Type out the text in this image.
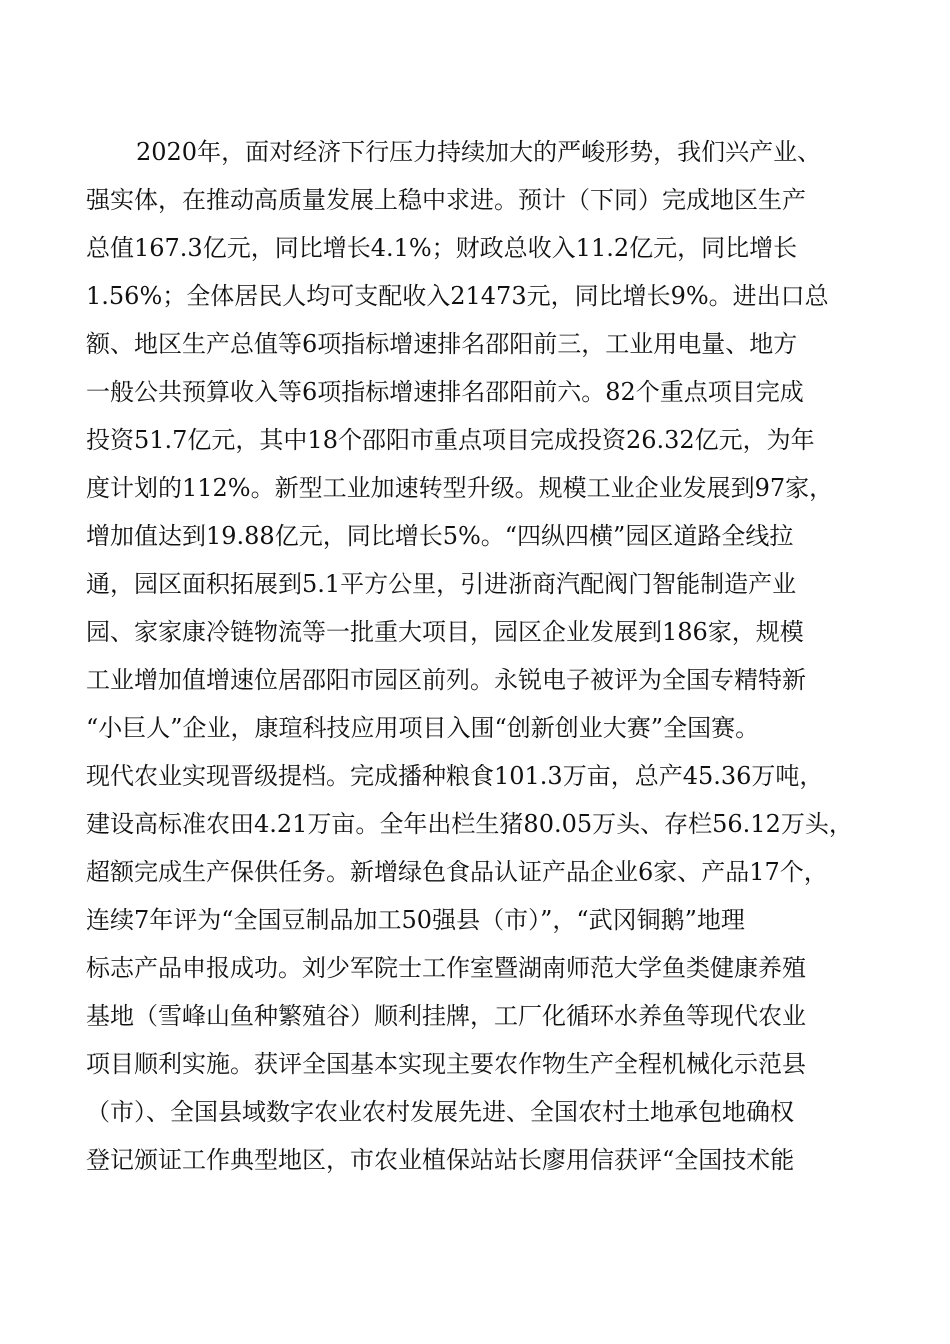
2020年，面对经济下行压力持续加大的严峻形势，我们兴产业、
强实体，在推动高质量发展上稳中求进。预计（下同）完成地区生产
总值167.3亿元，同比增长4.1%；财政总收入11.2亿元，同比增长
1.56%；全体居民人均可支配收入21473元，同比增长9%。进出口总
额、地区生产总值等6项指标增速排名邵阳前三，工业用电量、地方
一般公共预算收入等6项指标增速排名邵阳前六。82个重点项目完成
投资51.7亿元，其中18个邵阳市重点项目完成投资26.32亿元，为年
度计划的112%。新型工业加速转型升级。规模工业企业发展到97家，
增加值达到19.88亿元，同比增长5%。“四纵四横”园区道路全线拉
通，园区面积拓展到5.1平方公里，引进浙商汽配阀门智能制造产业
园、家家康冷链物流等一批重大项目，园区企业发展到186家，规模
工业增加值增速位居邵阳市园区前列。永锐电子被评为全国专精特新
“小巨人”企业，康瑄科技应用项目入围“创新创业大赛”全国赛。
现代农业实现晋级提档。完成播种粮食101.3万亩，总产45.36万吨，
建设高标准农田4.21万亩。全年出栏生猪80.05万头、存栏56.12万头，
超额完成生产保供任务。新增绿色食品认证产品企业6家、产品17个，
连续7年评为“全国豆制品加工50强县（市）”，“武冈铜鹅”地理
标志产品申报成功。刘少军院士工作室暨湖南师范大学鱼类健康养殖
基地（雪峰山鱼种繁殖谷）顺利挂牌，工厂化循环水养鱼等现代农业
项目顺利实施。获评全国基本实现主要农作物生产全程机械化示范县
（市）、全国县域数字农业农村发展先进、全国农村土地承包地确权
登记颁证工作典型地区，市农业植保站站长廖用信获评“全国技术能
